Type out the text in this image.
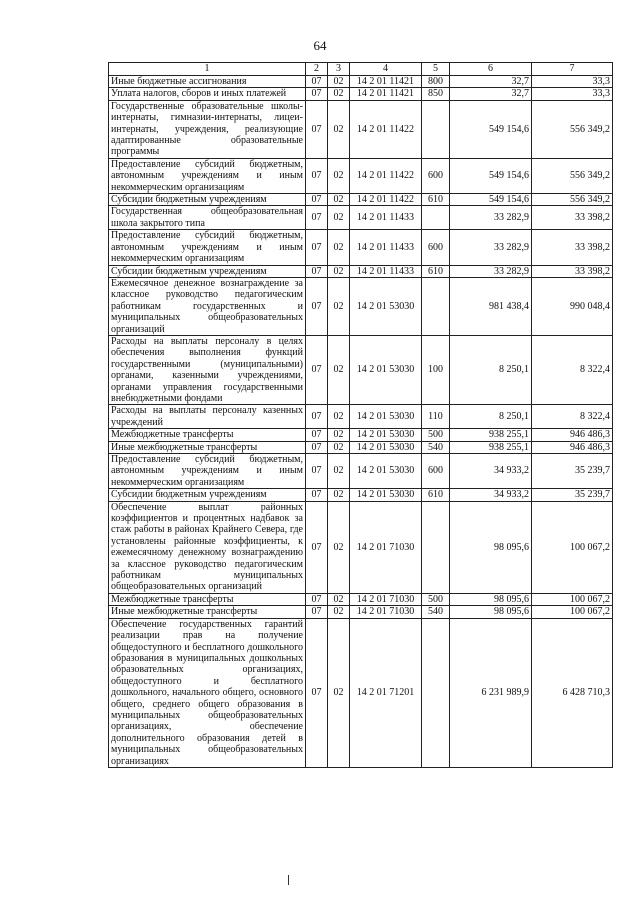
64
1	2	3	4	5	6	7
Иные бюджетные ассигнования	07	02	14 2 01 11421	800	32,7	33,3
Уплата налогов, сборов и иных платежей	07	02	14 2 01 11421	850	32,7	33,3
Государственные образовательные школы-интернаты, гимназии-интернаты, лицеи-интернаты, учреждения, реализующие адаптированные образовательные программы	07	02	14 2 01 11422		549 154,6	556 349,2
Предоставление субсидий бюджетным, автономным учреждениям и иным некоммерческим организациям	07	02	14 2 01 11422	600	549 154,6	556 349,2
Субсидии бюджетным учреждениям	07	02	14 2 01 11422	610	549 154,6	556 349,2
Государственная общеобразовательная школа закрытого типа	07	02	14 2 01 11433		33 282,9	33 398,2
Предоставление субсидий бюджетным, автономным учреждениям и иным некоммерческим организациям	07	02	14 2 01 11433	600	33 282,9	33 398,2
Субсидии бюджетным учреждениям	07	02	14 2 01 11433	610	33 282,9	33 398,2
Ежемесячное денежное вознаграждение за классное руководство педагогическим работникам государственных и муниципальных общеобразовательных организаций	07	02	14 2 01 53030		981 438,4	990 048,4
Расходы на выплаты персоналу в целях обеспечения выполнения функций государственными (муниципальными) органами, казенными учреждениями, органами управления государственными внебюджетными фондами	07	02	14 2 01 53030	100	8 250,1	8 322,4
Расходы на выплаты персоналу казенных учреждений	07	02	14 2 01 53030	110	8 250,1	8 322,4
Межбюджетные трансферты	07	02	14 2 01 53030	500	938 255,1	946 486,3
Иные межбюджетные трансферты	07	02	14 2 01 53030	540	938 255,1	946 486,3
Предоставление субсидий бюджетным, автономным учреждениям и иным некоммерческим организациям	07	02	14 2 01 53030	600	34 933,2	35 239,7
Субсидии бюджетным учреждениям	07	02	14 2 01 53030	610	34 933,2	35 239,7
Обеспечение выплат районных коэффициентов и процентных надбавок за стаж работы в районах Крайнего Севера, где установлены районные коэффициенты, к ежемесячному денежному вознаграждению за классное руководство педагогическим работникам муниципальных общеобразовательных организаций	07	02	14 2 01 71030		98 095,6	100 067,2
Межбюджетные трансферты	07	02	14 2 01 71030	500	98 095,6	100 067,2
Иные межбюджетные трансферты	07	02	14 2 01 71030	540	98 095,6	100 067,2
Обеспечение государственных гарантий реализации прав на получение общедоступного и бесплатного дошкольного образования в муниципальных дошкольных образовательных организациях, общедоступного и бесплатного дошкольного, начального общего, основного общего, среднего общего образования в муниципальных общеобразовательных организациях, обеспечение дополнительного образования детей в муниципальных общеобразовательных организациях	07	02	14 2 01 71201		6 231 989,9	6 428 710,3
